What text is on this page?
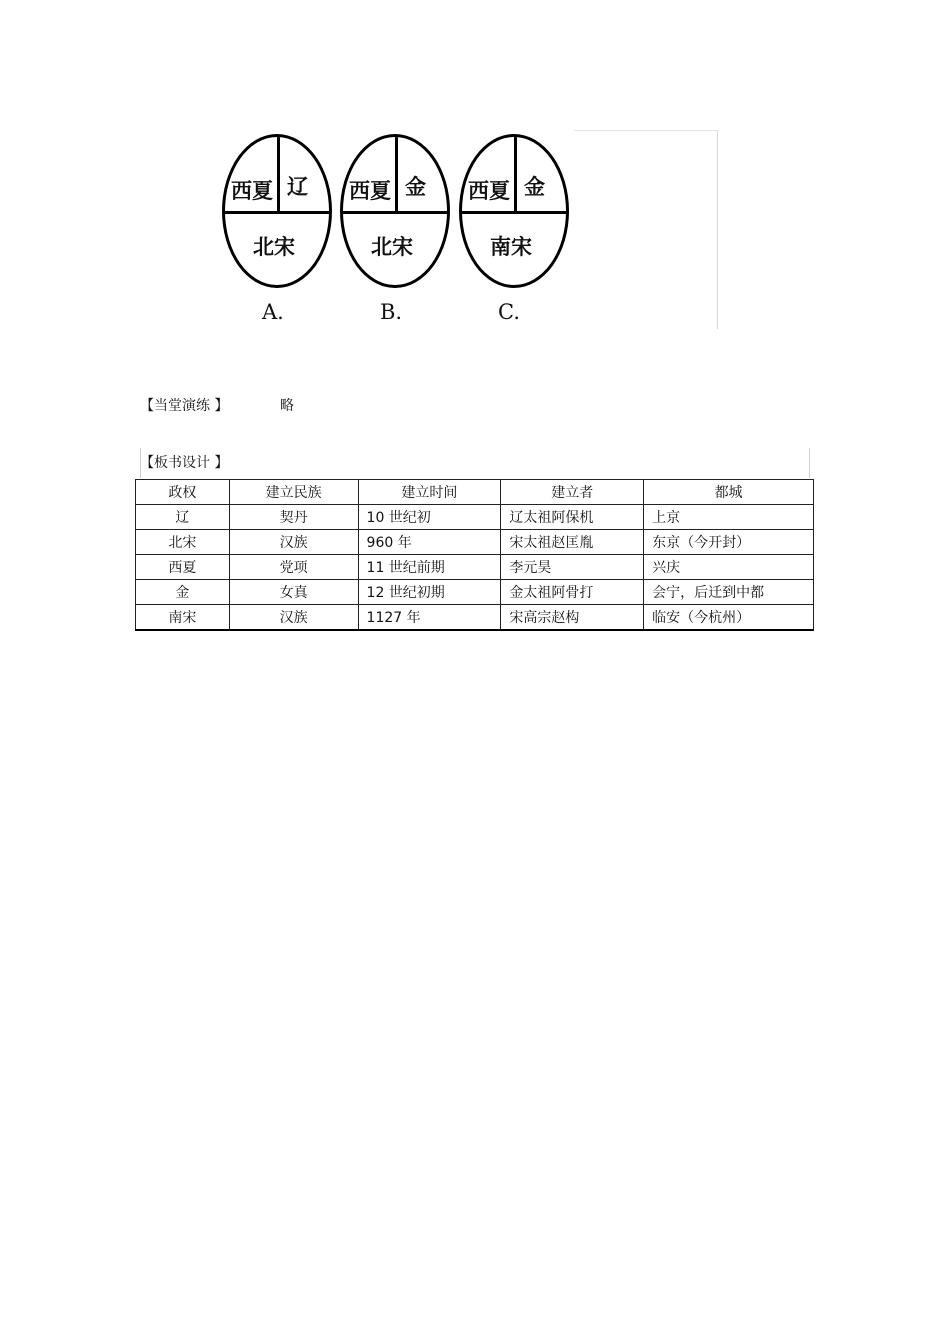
西夏 辽
北宋
A.
西夏 金
北宋
B.
西夏 金
南宋
C.
【当堂演练 】	略
【板书设计 】
政权	建立民族	建立时间	建立者	都城
辽	契丹	10 世纪初	辽太祖阿保机	上京
北宋	汉族	960 年	宋太祖赵匡胤	东京（今开封）
西夏	党项	11 世纪前期	李元昊	兴庆
金	女真	12 世纪初期	金太祖阿骨打	会宁，后迁到中都
南宋	汉族	1127 年	宋高宗赵构	临安（今杭州）
